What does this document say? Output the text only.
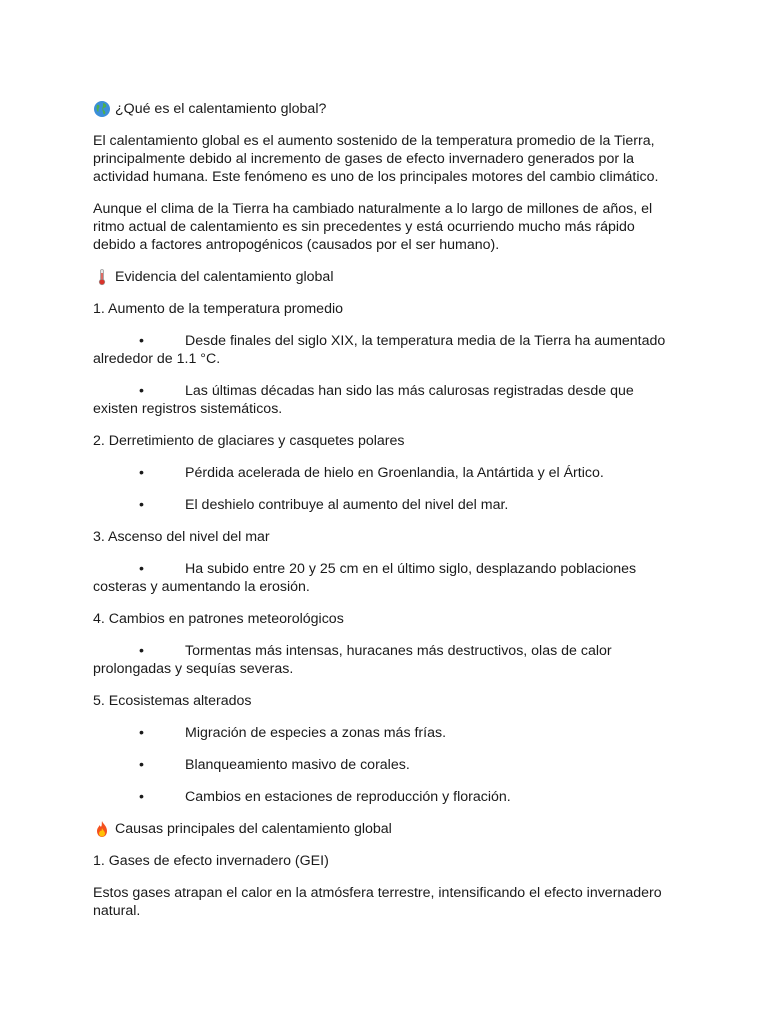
¿Qué es el calentamiento global?

El calentamiento global es el aumento sostenido de la temperatura promedio de la Tierra, principalmente debido al incremento de gases de efecto invernadero generados por la actividad humana. Este fenómeno es uno de los principales motores del cambio climático.

Aunque el clima de la Tierra ha cambiado naturalmente a lo largo de millones de años, el ritmo actual de calentamiento es sin precedentes y está ocurriendo mucho más rápido debido a factores antropogénicos (causados por el ser humano).

Evidencia del calentamiento global
1. Aumento de la temperatura promedio

•	Desde finales del siglo XIX, la temperatura media de la Tierra ha aumentado alrededor de 1.1 °C.

•	Las últimas décadas han sido las más calurosas registradas desde que existen registros sistemáticos.

2. Derretimiento de glaciares y casquetes polares

•	Pérdida acelerada de hielo en Groenlandia, la Antártida y el Ártico.

•	El deshielo contribuye al aumento del nivel del mar.

3. Ascenso del nivel del mar

•	Ha subido entre 20 y 25 cm en el último siglo, desplazando poblaciones costeras y aumentando la erosión.

4. Cambios en patrones meteorológicos

•	Tormentas más intensas, huracanes más destructivos, olas de calor prolongadas y sequías severas.

5. Ecosistemas alterados

•	Migración de especies a zonas más frías.

•	Blanqueamiento masivo de corales.

•	Cambios en estaciones de reproducción y floración.

Causas principales del calentamiento global
1. Gases de efecto invernadero (GEI)

Estos gases atrapan el calor en la atmósfera terrestre, intensificando el efecto invernadero natural.
